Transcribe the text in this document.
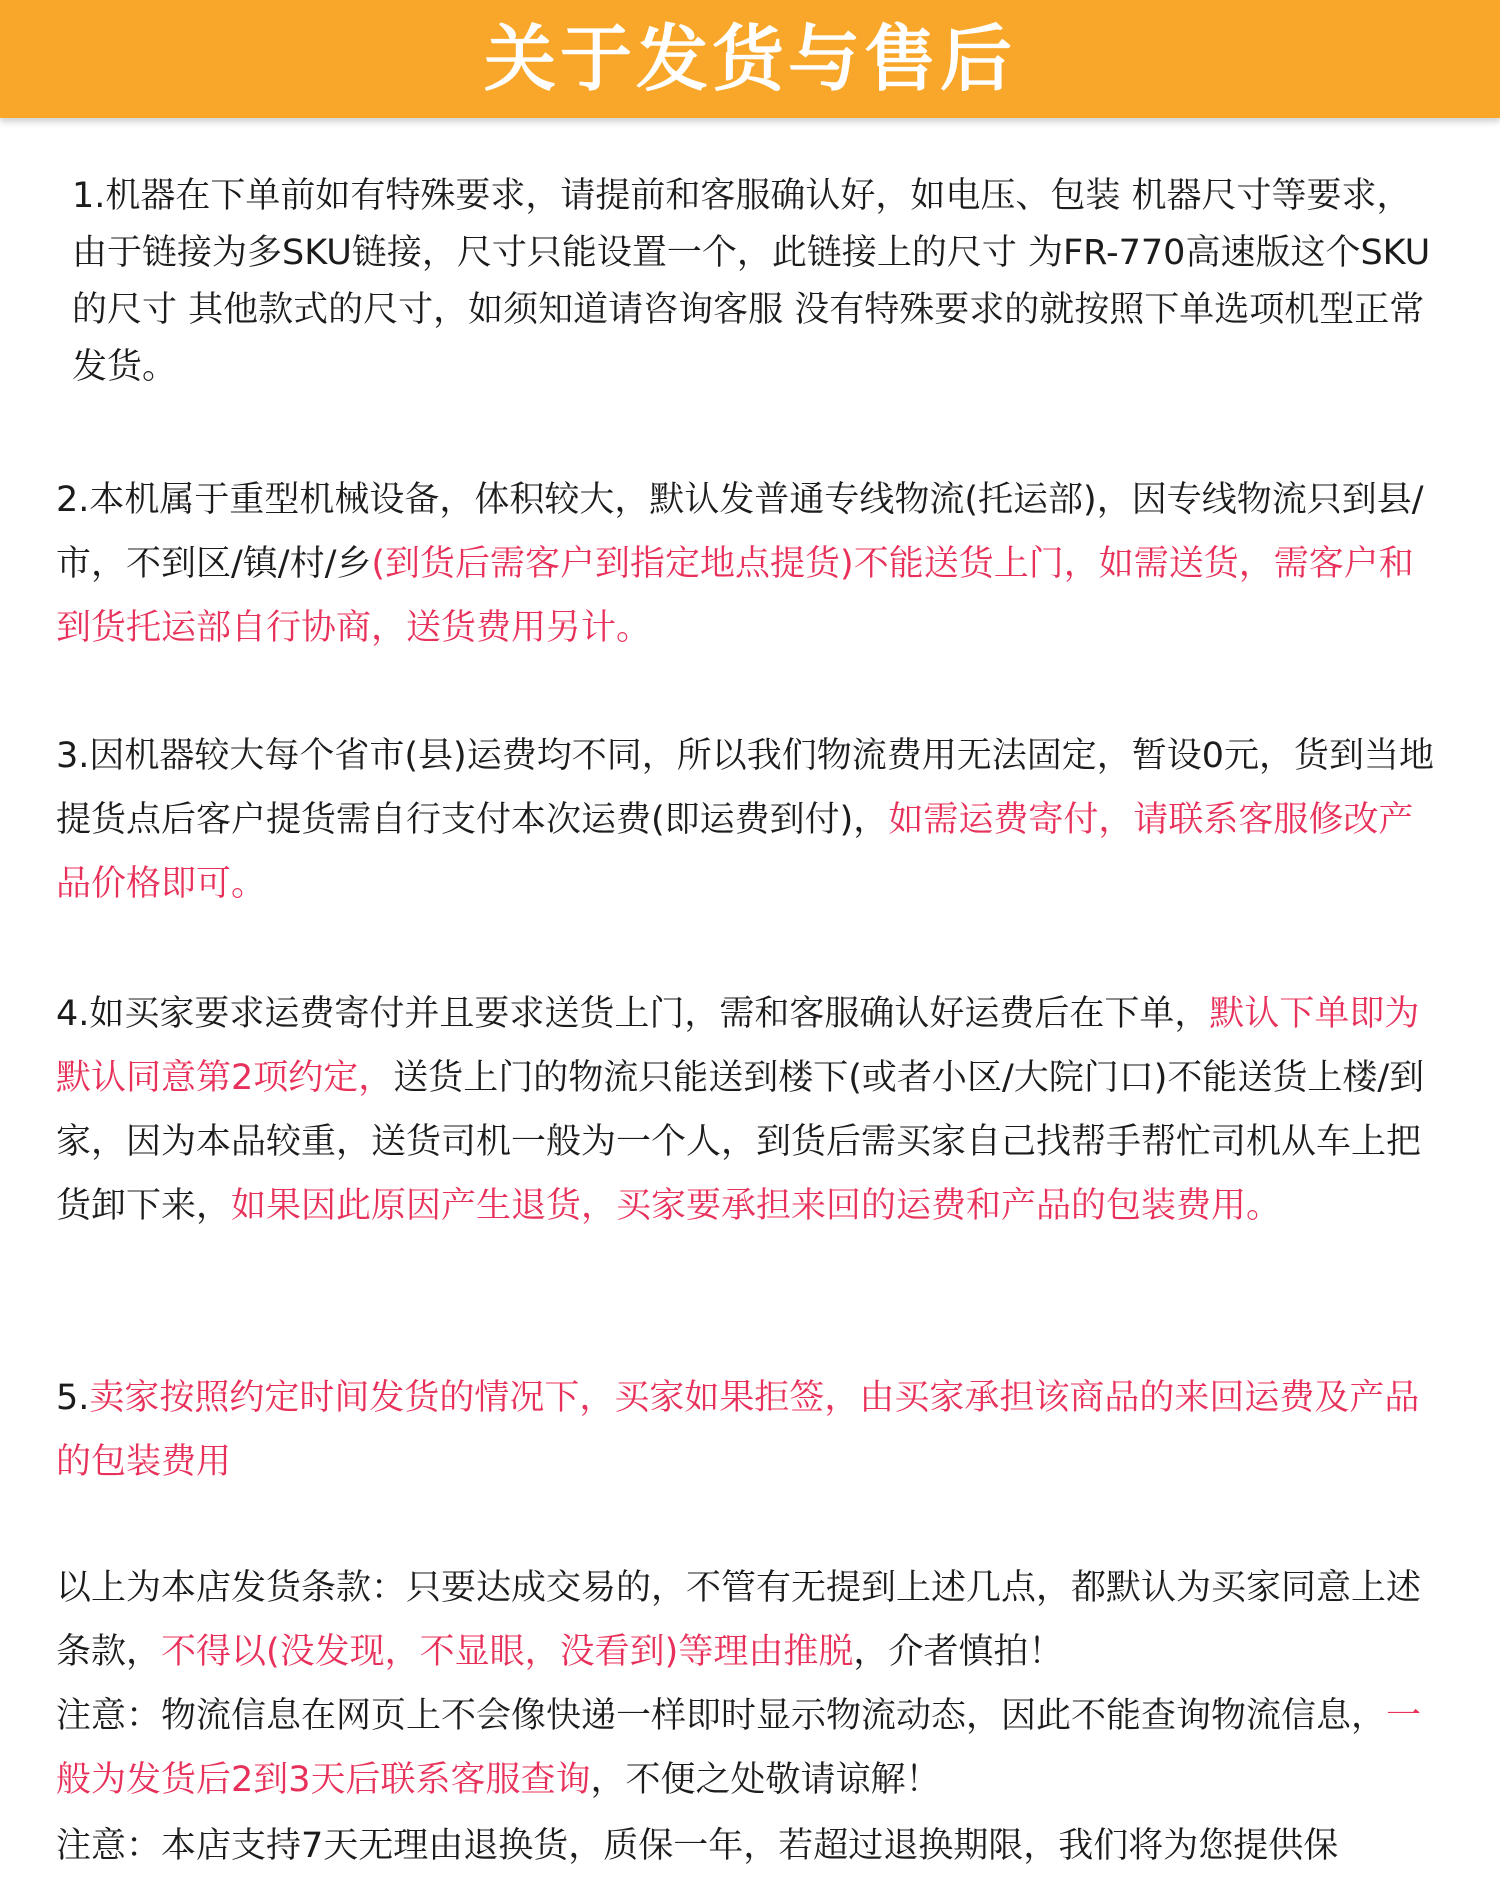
关于发货与售后

1.机器在下单前如有特殊要求，请提前和客服确认好，如电压、包装 机器尺寸等要求， 由于链接为多SKU链接，尺寸只能设置一个，此链接上的尺寸 为FR-770高速版这个SKU的尺寸 其他款式的尺寸，如须知道请咨询客服 没有特殊要求的就按照下单选项机型正常发货。

2.本机属于重型机械设备，体积较大，默认发普通专线物流(托运部)，因专线物流只到县/市，不到区/镇/村/乡(到货后需客户到指定地点提货)不能送货上门，如需送货，需客户和到货托运部自行协商，送货费用另计。

3.因机器较大每个省市(县)运费均不同，所以我们物流费用无法固定，暂设0元，货到当地提货点后客户提货需自行支付本次运费(即运费到付)，如需运费寄付，请联系客服修改产品价格即可。

4.如买家要求运费寄付并且要求送货上门，需和客服确认好运费后在下单，默认下单即为默认同意第2项约定，送货上门的物流只能送到楼下(或者小区/大院门口)不能送货上楼/到家，因为本品较重，送货司机一般为一个人，到货后需买家自己找帮手帮忙司机从车上把货卸下来，如果因此原因产生退货，买家要承担来回的运费和产品的包装费用。

5.卖家按照约定时间发货的情况下，买家如果拒签，由买家承担该商品的来回运费及产品的包装费用

以上为本店发货条款：只要达成交易的，不管有无提到上述几点，都默认为买家同意上述条款，不得以(没发现，不显眼，没看到)等理由推脱，介者慎拍！
注意：物流信息在网页上不会像快递一样即时显示物流动态，因此不能查询物流信息，一般为发货后2到3天后联系客服查询，不便之处敬请谅解！

注意：本店支持7天无理由退换货，质保一年，若超过退换期限，我们将为您提供保
